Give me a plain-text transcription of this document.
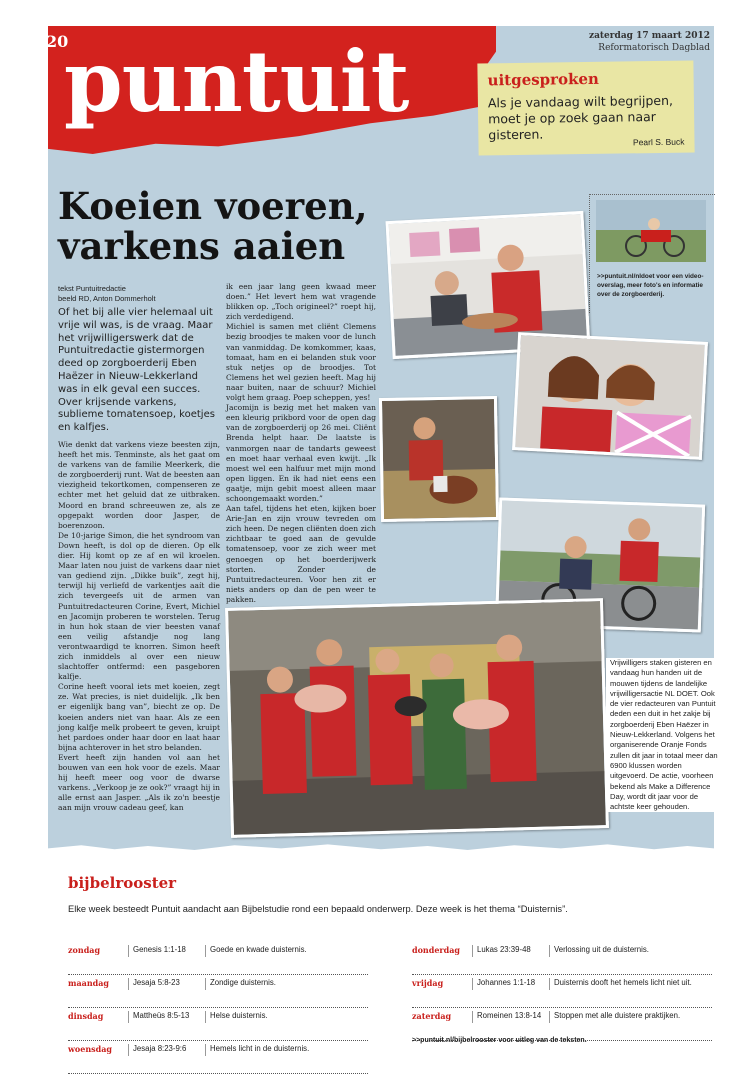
20
puntuit	zaterdag 17 maart 2012
Reformatorisch Dagblad
uitgesproken
Als je vandaag wilt begrijpen, moet je op zoek gaan naar gisteren.	Pearl S. Buck
Koeien voeren, varkens aaien
tekst Puntuitredactie
beeld RD, Anton Dommerholt
Of het bij alle vier helemaal uit vrije wil was, is de vraag. Maar het vrijwilligerswerk dat de Puntuitredactie gistermorgen deed op zorgboerderij Eben Haëzer in Nieuw-Lekkerland was in elk geval een succes. Over krijsende varkens, sublieme tomatensoep, koetjes en kalfjes.

Wie denkt dat varkens vieze beesten zijn, heeft het mis. Tenminste, als het gaat om de varkens van de familie Meerkerk, die de zorgboerderij runt. Wat de beesten aan viezigheid tekortkomen, compenseren ze echter met het geluid dat ze uitbraken. Moord en brand schreeuwen ze, als ze opgepakt worden door Jasper, de boerenzoon.

De 10-jarige Simon, die het syndroom van Down heeft, is dol op de dieren. Op elk dier. Hij komt op ze af en wil kroelen. Maar laten nou juist de varkens daar niet van gediend zijn. „Dikke buik”, zegt hij, terwijl hij verliefd de varkentjes aaít die zich tevergeefs uit de armen van Puntuitredacteuren Corine, Evert, Michiel en Jacomijn proberen te worstelen. Terug in hun hok staan de vier beesten vanaf een veilig afstandje nog lang verontwaardigd te knorren. Simon heeft zich inmiddels al over een nieuw slachtoffer ontfermd: een pasgeboren kalfje.

Corine heeft vooral iets met koeien, zegt ze. Wat precies, is niet duidelijk. „Ik ben er eigenlijk bang van”, biecht ze op. De koeien anders niet van haar. Als ze een jong kalfje melk probeert te geven, kruipt het pardoes onder haar door en laat haar bijna achterover in het stro belanden.

Evert heeft zijn handen vol aan het bouwen van een hok voor de ezels. Maar hij heeft meer oog voor de dwarse varkens. „Verkoop je ze ook?” vraagt hij in alle ernst aan Jasper. „Als ik zo'n beestje aan mijn vrouw cadeau geef, kan

ik een jaar lang geen kwaad meer doen.” Het levert hem wat vragende blikken op. „Toch origineel?” roept hij, zich verdedigend.

Michiel is samen met cliënt Clemens bezig broodjes te maken voor de lunch van vanmiddag. De komkommer, kaas, tomaat, ham en ei belanden stuk voor stuk netjes op de broodjes. Tot Clemens het wel gezien heeft. Mag hij naar buiten, naar de schuur? Michiel volgt hem graag. Poep scheppen, yes!

Jacomijn is bezig met het maken van een kleurig prikbord voor de open dag van de zorgboerderij op 26 mei. Cliënt Brenda helpt haar. De laatste is vanmorgen naar de tandarts geweest en moet haar verhaal even kwijt. „Ik moest wel een halfuur met mijn mond open liggen. En ik had niet eens een gaatje, mijn gebit moest alleen maar schoongemaakt worden.”

Aan tafel, tijdens het eten, kijken boer Arie-Jan en zijn vrouw tevreden om zich heen. De negen cliënten doen zich zichtbaar te goed aan de gevulde tomatensoep, voor ze zich weer met genoegen op het boerderijwerk storten. Zonder de Puntuitredacteuren. Voor hen zit er niets anders op dan de pen weer te pakken.

>>puntuit.nl/nldoet voor een video-overslag, meer foto's en informatie over de zorgboerderij.
Vrijwilligers staken gisteren en vandaag hun handen uit de mouwen tijdens de landelijke vrijwilligersactie NL DOET. Ook de vier redacteuren van Puntuit deden een duit in het zakje bij zorgboerderij Eben Haëzer in Nieuw-Lekkerland. Volgens het organiserende Oranje Fonds zullen dit jaar in totaal meer dan 6900 klussen worden uitgevoerd. De actie, voorheen bekend als Make a Difference Day, wordt dit jaar voor de achtste keer gehouden.
bijbelrooster
Elke week besteedt Puntuit aandacht aan Bijbelstudie rond een bepaald onderwerp. Deze week is het thema “Duisternis”.
zondag	Genesis 1:1-18	Goede en kwade duisternis.
maandag	Jesaja 5:8-23	Zondige duisternis.
dinsdag	Mattheüs 8:5-13	Helse duisternis.
woensdag	Jesaja 8:23-9:6	Hemels licht in de duisternis.
donderdag	Lukas 23:39-48	Verlossing uit de duisternis.
vrijdag	Johannes 1:1-18	Duisternis dooft het hemels licht niet uit.
zaterdag	Romeinen 13:8-14	Stoppen met alle duistere praktijken.
>>puntuit.nl/bijbelrooster voor uitleg van de teksten.
